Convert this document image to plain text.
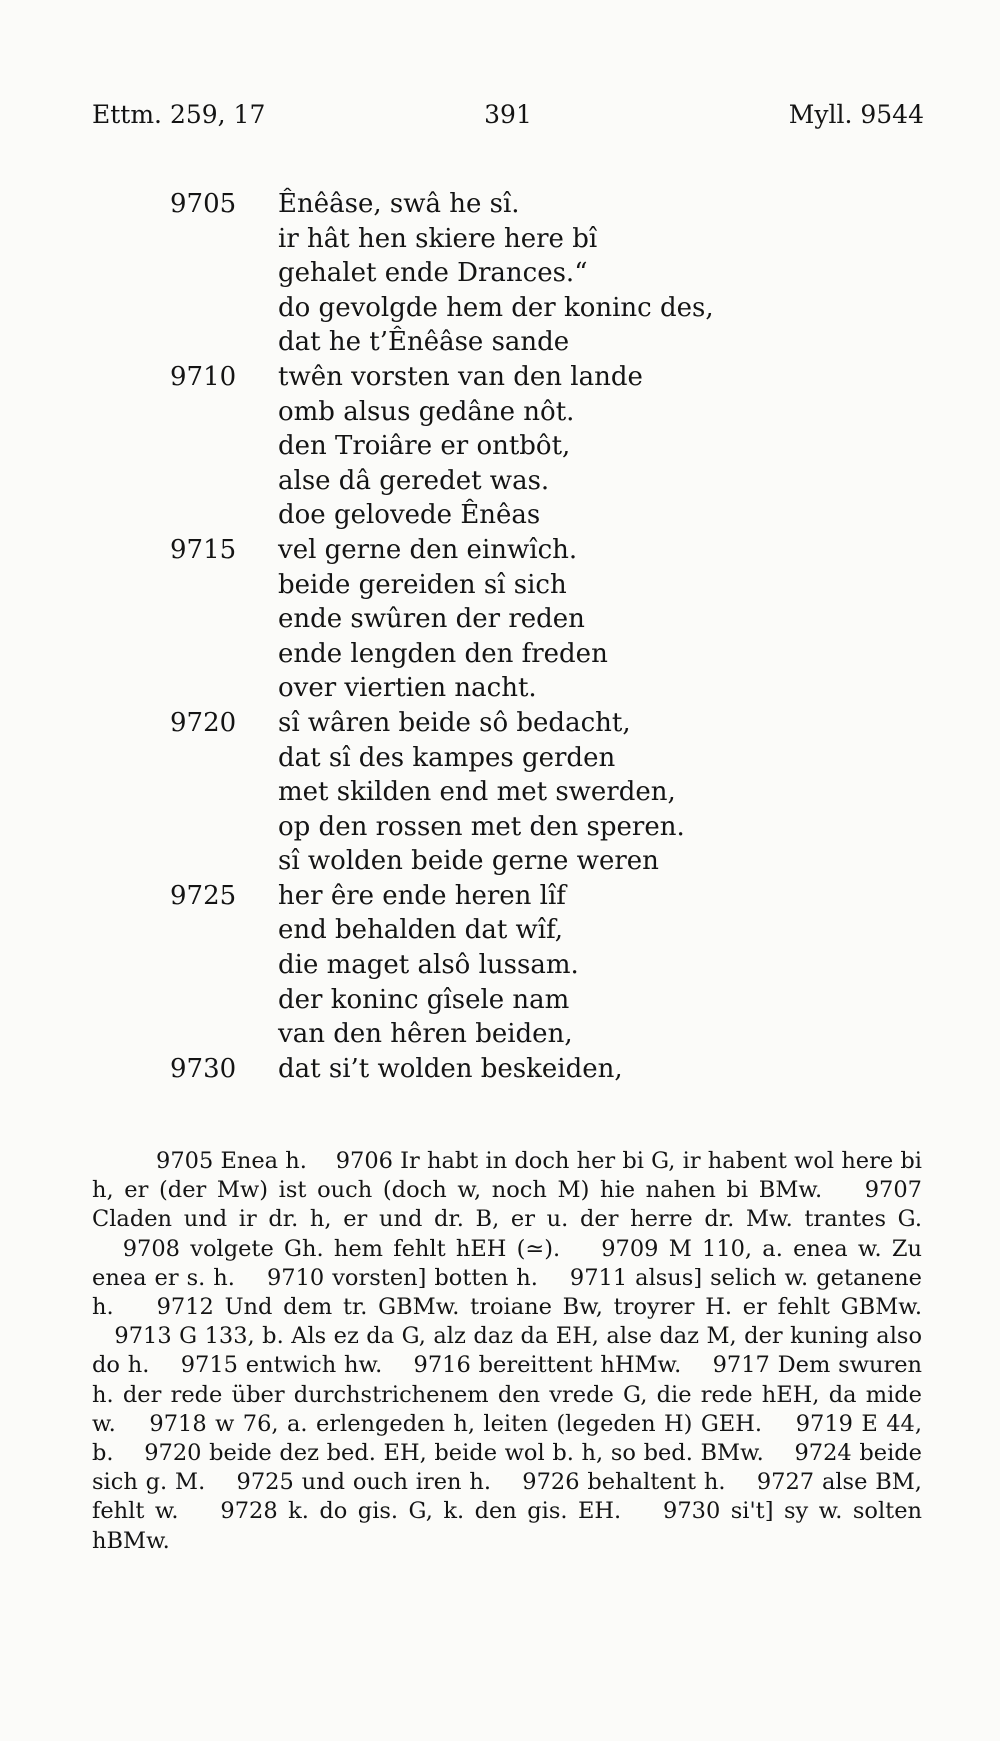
Ettm. 259, 17	391	Myll. 9544
9705	Ênêâse, swâ he sî.
ir hât hen skiere here bî
gehalet ende Drances.“
do gevolgde hem der koninc des,
dat he t’Ênêâse sande
9710	twên vorsten van den lande
omb alsus gedâne nôt.
den Troiâre er ontbôt,
alse dâ geredet was.
doe gelovede Ênêas
9715	vel gerne den einwîch.
beide gereiden sî sich
ende swûren der reden
ende lengden den freden
over viertien nacht.
9720	sî wâren beide sô bedacht,
dat sî des kampes gerden
met skilden end met swerden,
op den rossen met den speren.
sî wolden beide gerne weren
9725	her êre ende heren lîf
end behalden dat wîf,
die maget alsô lussam.
der koninc gîsele nam
van den hêren beiden,
9730	dat si’t wolden beskeiden,
9705 Enea h. 9706 Ir habt in doch her bi G, ir habent wol here bi h, er (der Mw) ist ouch (doch w, noch M) hie nahen bi BMw. 9707 Claden und ir dr. h, er und dr. B, er u. der herre dr. Mw. trantes G. 9708 volgete Gh. hem fehlt hEH (≃). 9709 M 110, a. enea w. Zu enea er s. h. 9710 vorsten] botten h. 9711 alsus] selich w. getanene h. 9712 Und dem tr. GBMw. troiane Bw, troyrer H. er fehlt GBMw. 9713 G 133, b. Als ez da G, alz daz da EH, alse daz M, der kuning also do h. 9715 entwich hw. 9716 bereittent hHMw. 9717 Dem swuren h. der rede über durchstrichenem den vrede G, die rede hEH, da mide w. 9718 w 76, a. erlengeden h, leiten (legeden H) GEH. 9719 E 44, b. 9720 beide dez bed. EH, beide wol b. h, so bed. BMw. 9724 beide sich g. M. 9725 und ouch iren h. 9726 behaltent h. 9727 alse BM, fehlt w. 9728 k. do gis. G, k. den gis. EH. 9730 si't] sy w. solten hBMw.
